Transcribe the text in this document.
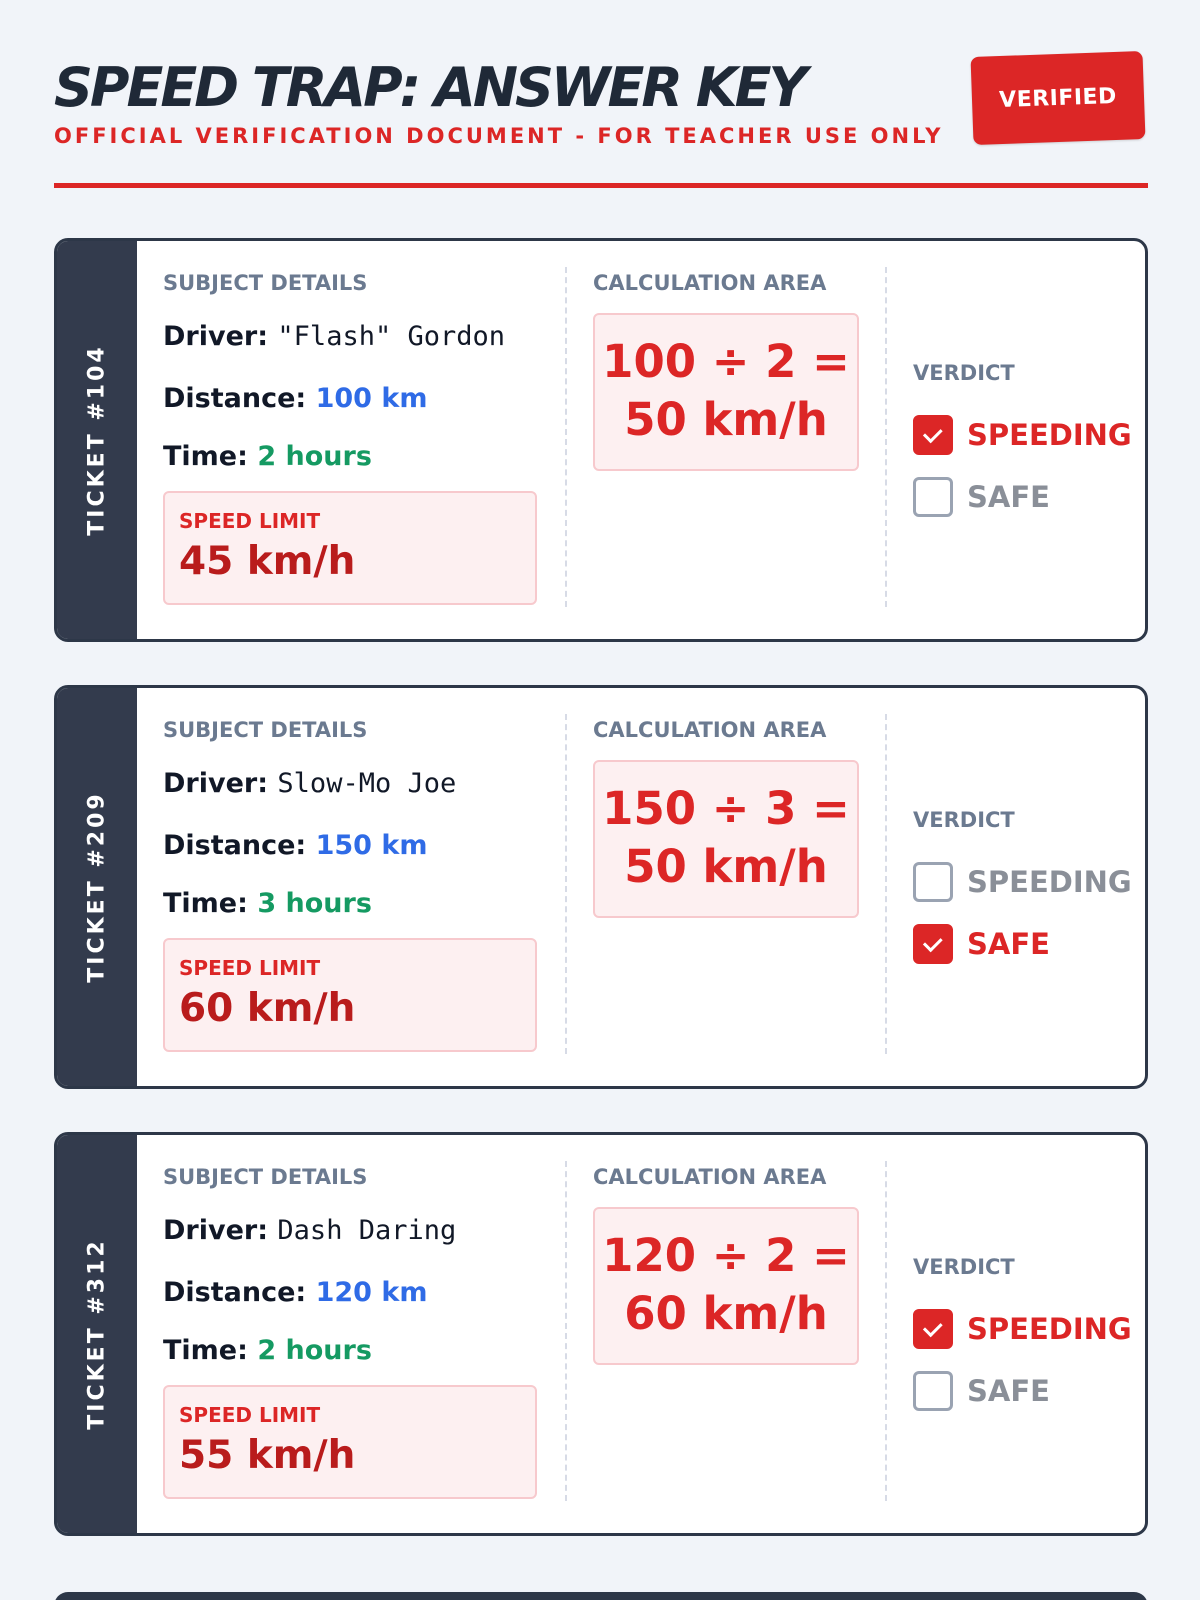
SPEED TRAP: ANSWER KEY
OFFICIAL VERIFICATION DOCUMENT - FOR TEACHER USE ONLY
VERIFIED
TICKET #104
SUBJECT DETAILS
Driver: "Flash" Gordon
Distance: 100 km
Time: 2 hours
SPEED LIMIT
45 km/h
CALCULATION AREA
100 ÷ 2 =
50 km/h
VERDICT
SPEEDING
SAFE
TICKET #209
SUBJECT DETAILS
Driver: Slow-Mo Joe
Distance: 150 km
Time: 3 hours
SPEED LIMIT
60 km/h
CALCULATION AREA
150 ÷ 3 =
50 km/h
VERDICT
SPEEDING
SAFE
TICKET #312
SUBJECT DETAILS
Driver: Dash Daring
Distance: 120 km
Time: 2 hours
SPEED LIMIT
55 km/h
CALCULATION AREA
120 ÷ 2 =
60 km/h
VERDICT
SPEEDING
SAFE
